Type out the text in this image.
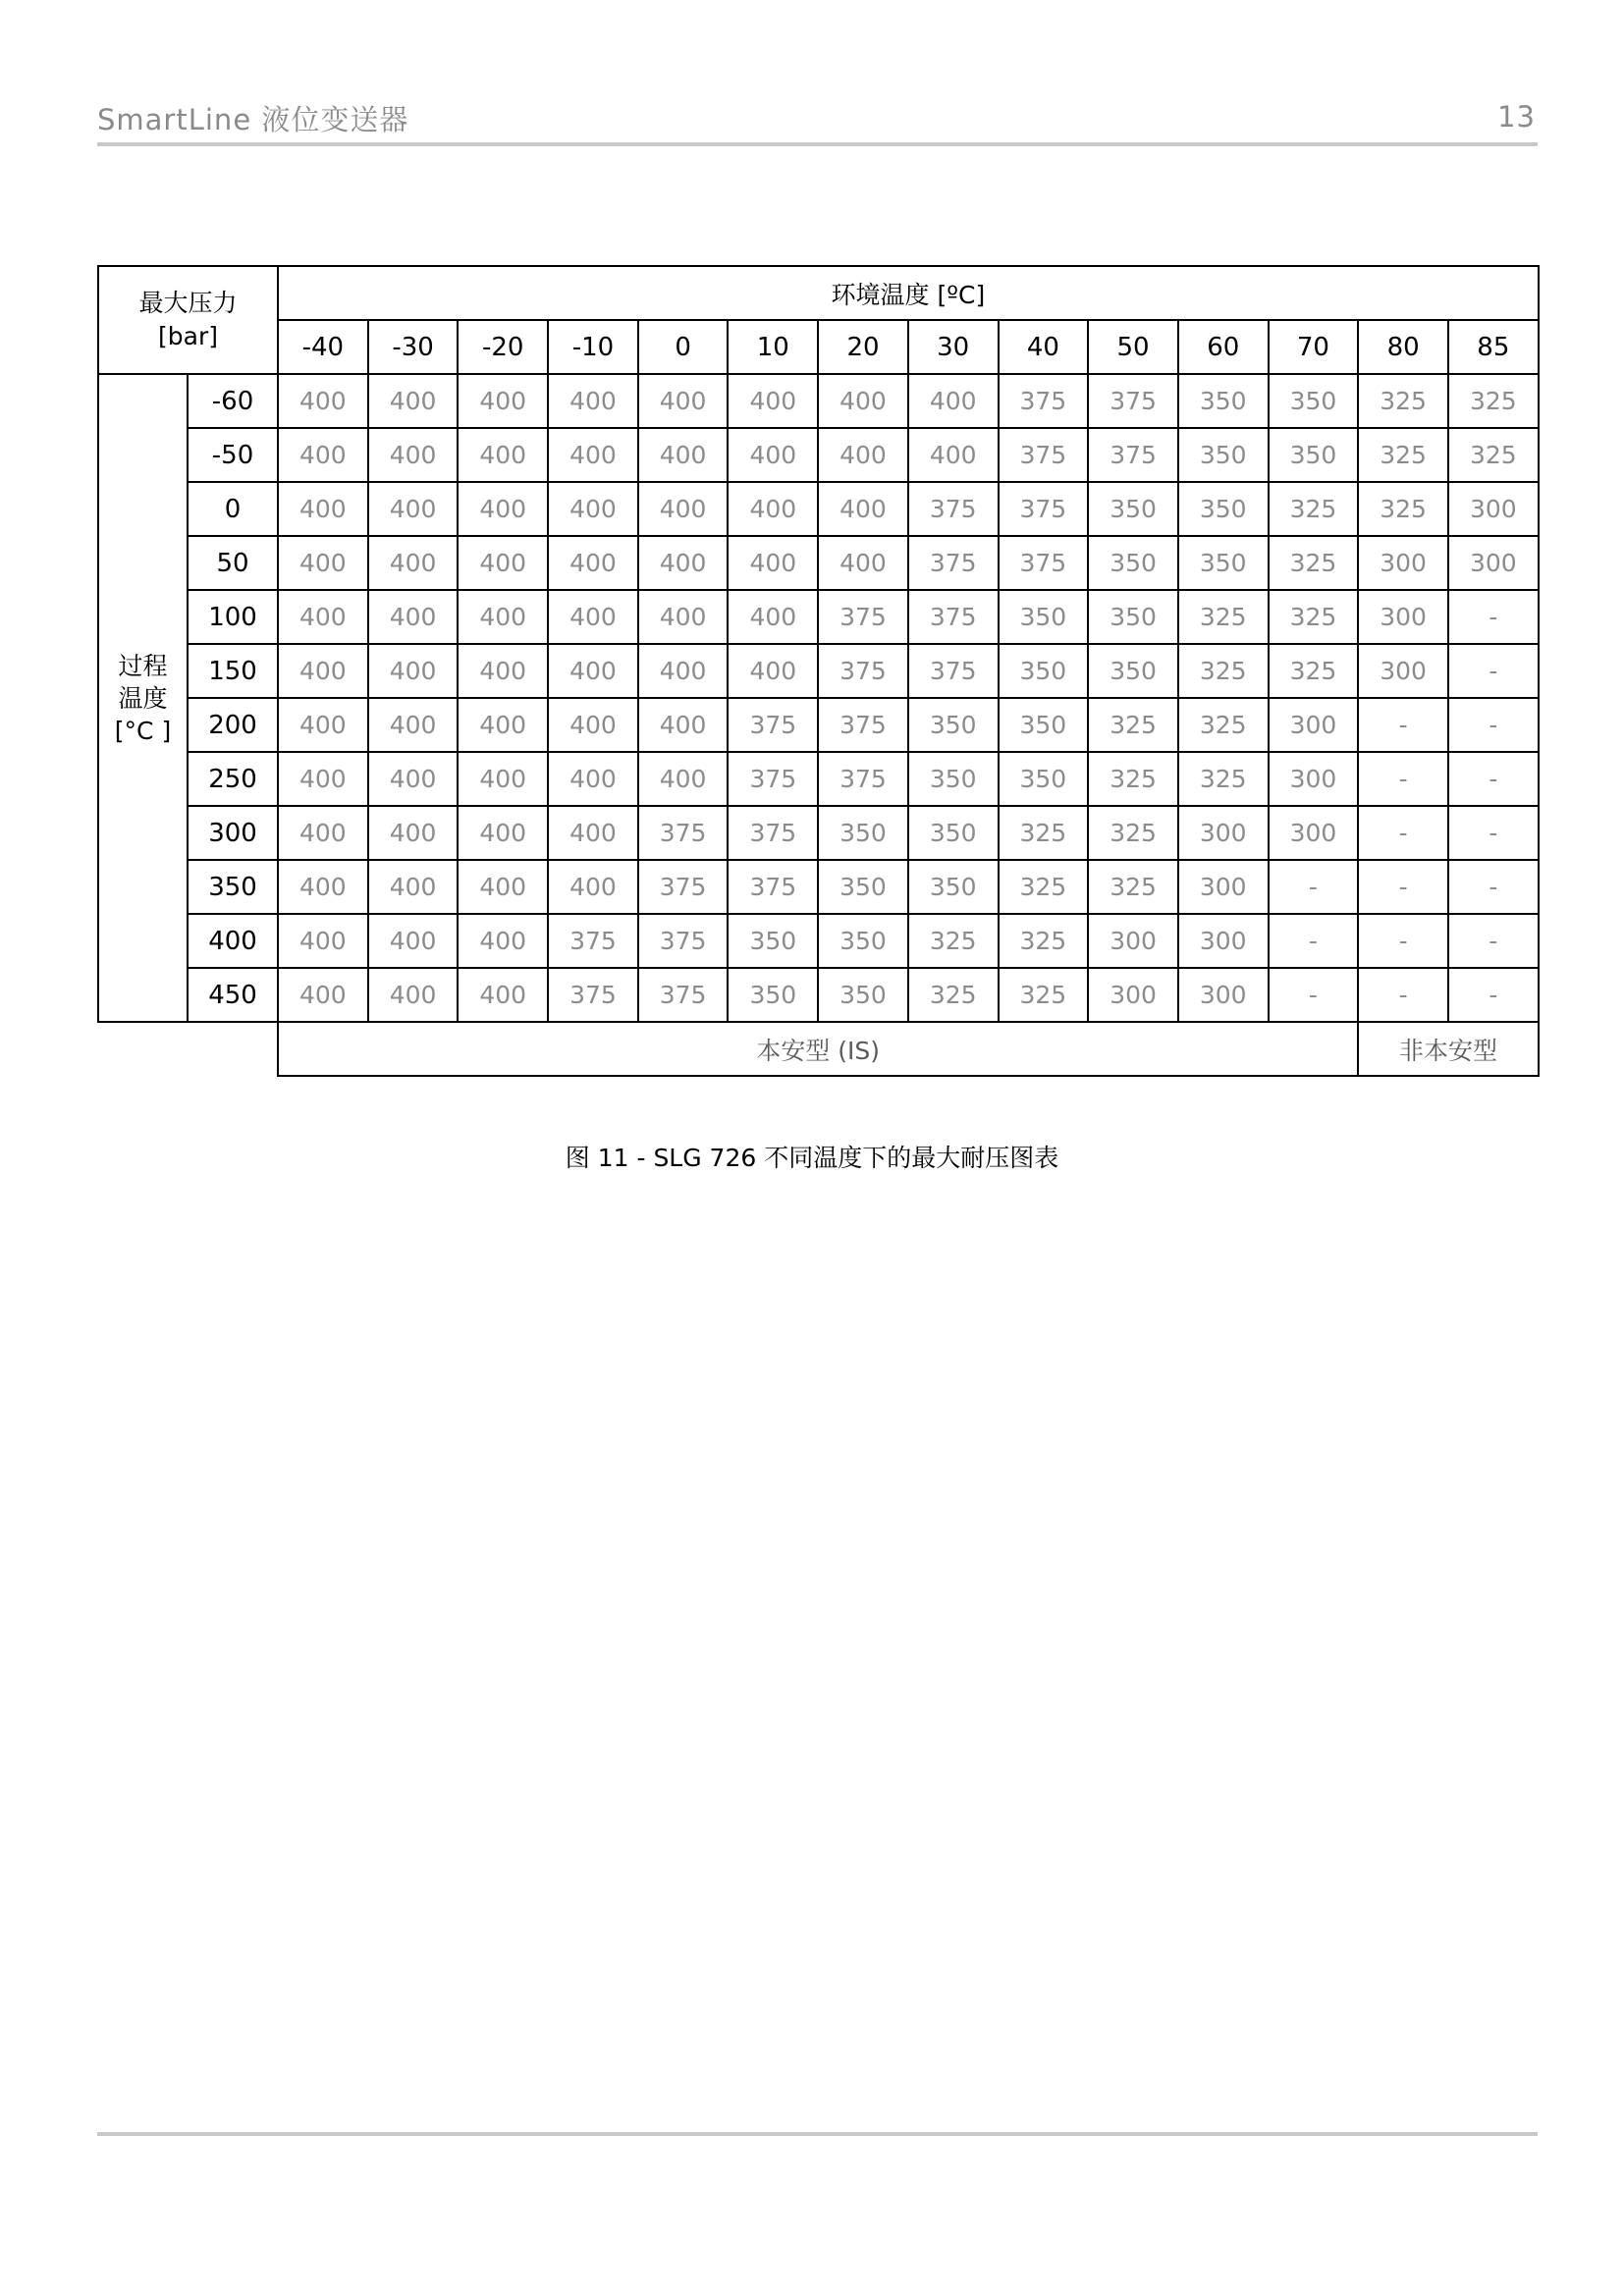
SmartLine 液位变送器	13
最大压力
[bar]		环境温度 [ºC]													
		-40	-30	-20	-10	0	10	20	30	40	50	60	70	80	85

过程
温度
[°C ]	-60	400	400	400	400	400	400	400	400	375	375	350	350	325	325
	-50	400	400	400	400	400	400	400	400	375	375	350	350	325	325
	0	400	400	400	400	400	400	400	375	375	350	350	325	325	300
	50	400	400	400	400	400	400	400	375	375	350	350	325	300	300
	100	400	400	400	400	400	400	375	375	350	350	325	325	300	-
	150	400	400	400	400	400	400	375	375	350	350	325	325	300	-
	200	400	400	400	400	400	375	375	350	350	325	325	300	-	-
	250	400	400	400	400	400	375	375	350	350	325	325	300	-	-
	300	400	400	400	400	375	375	350	350	325	325	300	300	-	-
	350	400	400	400	400	375	375	350	350	325	325	300	-	-	-
	400	400	400	400	375	375	350	350	325	325	300	300	-	-	-
	450	400	400	400	375	375	350	350	325	325	300	300	-	-	-
		本安型 (IS)												非本安型	
图 11 - SLG 726 不同温度下的最大耐压图表
